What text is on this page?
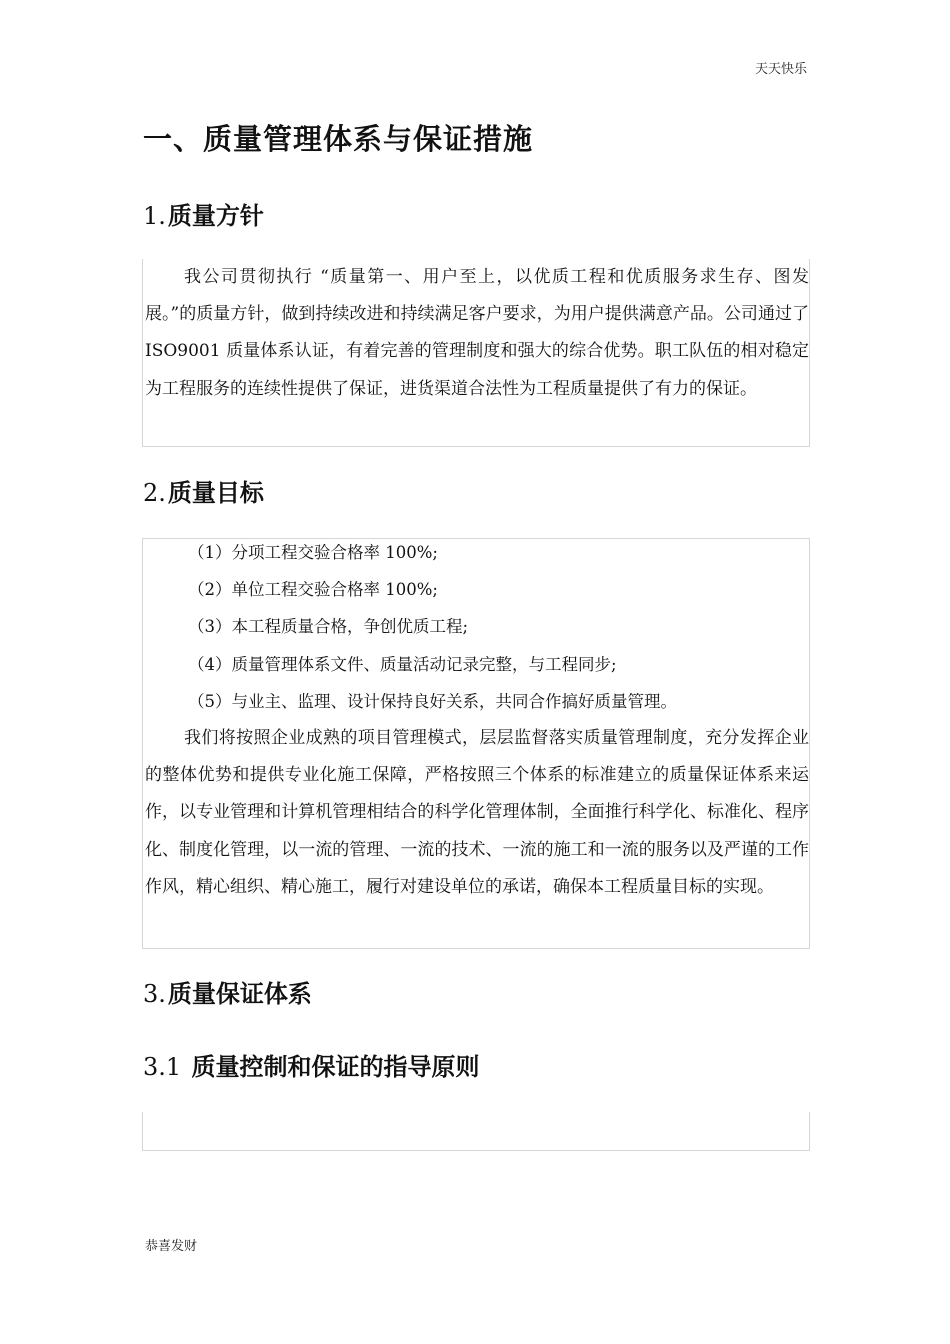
天天快乐
一、质量管理体系与保证措施
1.质量方针

我公司贯彻执行 “质量第一、用户至上，以优质工程和优质服务求生存、图发展。”的质量方针，做到持续改进和持续满足客户要求，为用户提供满意产品。公司通过了 ISO9001 质量体系认证，有着完善的管理制度和强大的综合优势。职工队伍的相对稳定为工程服务的连续性提供了保证，进货渠道合法性为工程质量提供了有力的保证。

2.质量目标

（1）分项工程交验合格率 100%;

（2）单位工程交验合格率 100%;

（3）本工程质量合格，争创优质工程;

（4）质量管理体系文件、质量活动记录完整，与工程同步;

（5）与业主、监理、设计保持良好关系，共同合作搞好质量管理。

我们将按照企业成熟的项目管理模式，层层监督落实质量管理制度，充分发挥企业的整体优势和提供专业化施工保障，严格按照三个体系的标准建立的质量保证体系来运作，以专业管理和计算机管理相结合的科学化管理体制，全面推行科学化、标准化、程序化、制度化管理，以一流的管理、一流的技术、一流的施工和一流的服务以及严谨的工作作风，精心组织、精心施工，履行对建设单位的承诺，确保本工程质量目标的实现。

3.质量保证体系
3.1 质量控制和保证的指导原则
恭喜发财
